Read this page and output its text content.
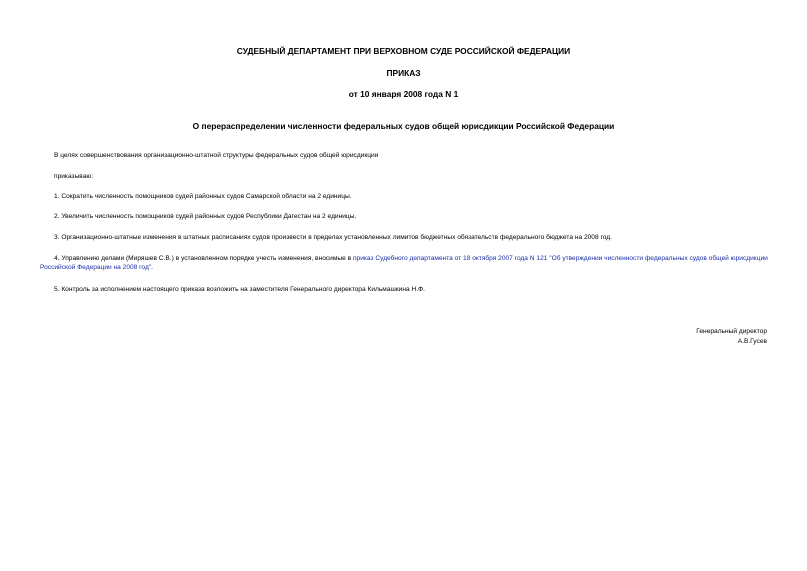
СУДЕБНЫЙ ДЕПАРТАМЕНТ ПРИ ВЕРХОВНОМ СУДЕ РОССИЙСКОЙ ФЕДЕРАЦИИ
ПРИКАЗ
от 10 января 2008 года N 1
О перераспределении численности федеральных судов общей юрисдикции Российской Федерации
В целях совершенствования организационно-штатной структуры федеральных судов общей юрисдикции
приказываю:
1. Сократить численность помощников судей районных судов Самарской области на 2 единицы.
2. Увеличить численность помощников судей районных судов Республики Дагестан на 2 единицы.
3. Организационно-штатные изменения в штатных расписаниях судов произвести в пределах установленных лимитов бюджетных обязательств федерального бюджета на 2008 год.
4. Управлению делами (Миряшев С.В.) в установленном порядке учесть изменения, вносимые в приказ Судебного департамента от 18 октября 2007 года N 121 "Об утверждении численности федеральных судов общей юрисдикции Российской Федерации на 2008 год".
5. Контроль за исполнением настоящего приказа возложить на заместителя Генерального директора Кильмашкина Н.Ф.
Генеральный директор
А.В.Гусев
